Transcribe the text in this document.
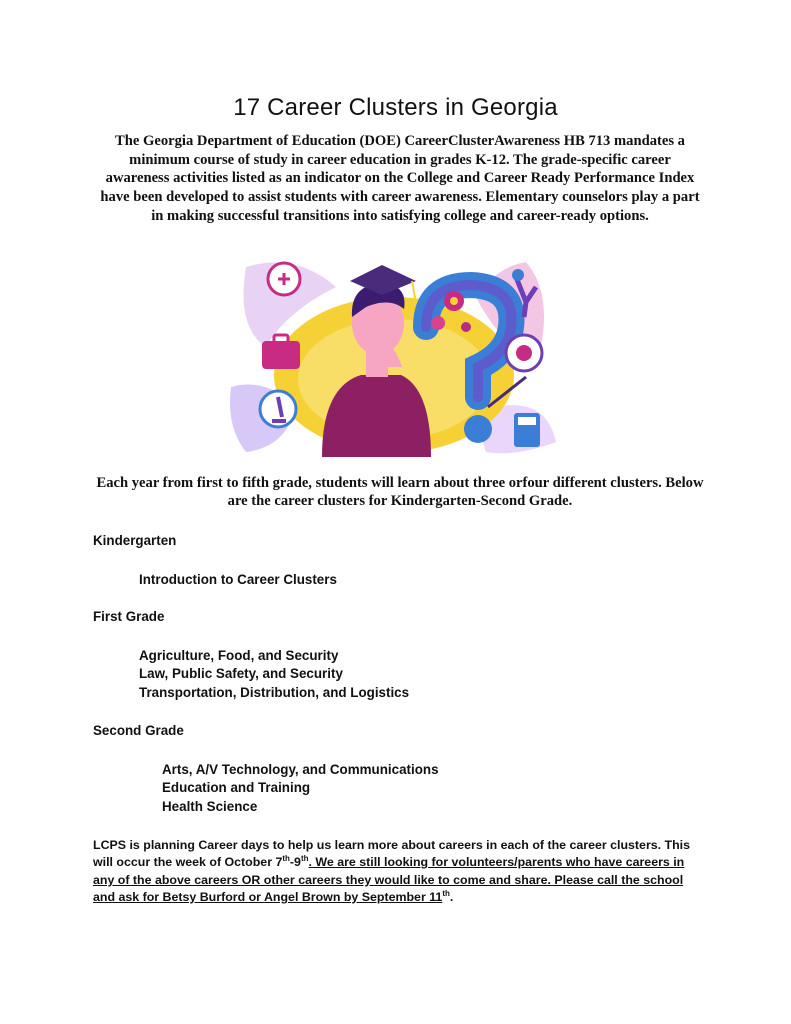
17 Career Clusters in Georgia
The Georgia Department of Education (DOE) CareerClusterAwareness HB 713 mandates a minimum course of study in career education in grades K-12. The grade-specific career awareness activities listed as an indicator on the College and Career Ready Performance Index have been developed to assist students with career awareness. Elementary counselors play a part in making successful transitions into satisfying college and career-ready options.
Each year from first to fifth grade, students will learn about three orfour different clusters. Below are the career clusters for Kindergarten-Second Grade.
Kindergarten
Introduction to Career Clusters
First Grade
Agriculture, Food, and Security
Law, Public Safety, and Security
Transportation, Distribution, and Logistics
Second Grade
Arts, A/V Technology, and Communications
Education and Training
Health Science
LCPS is planning Career days to help us learn more about careers in each of the career clusters. This will occur the week of October 7th-9th. We are still looking for volunteers/parents who have careers in any of the above careers OR other careers they would like to come and share. Please call the school and ask for Betsy Burford or Angel Brown by September 11th.
